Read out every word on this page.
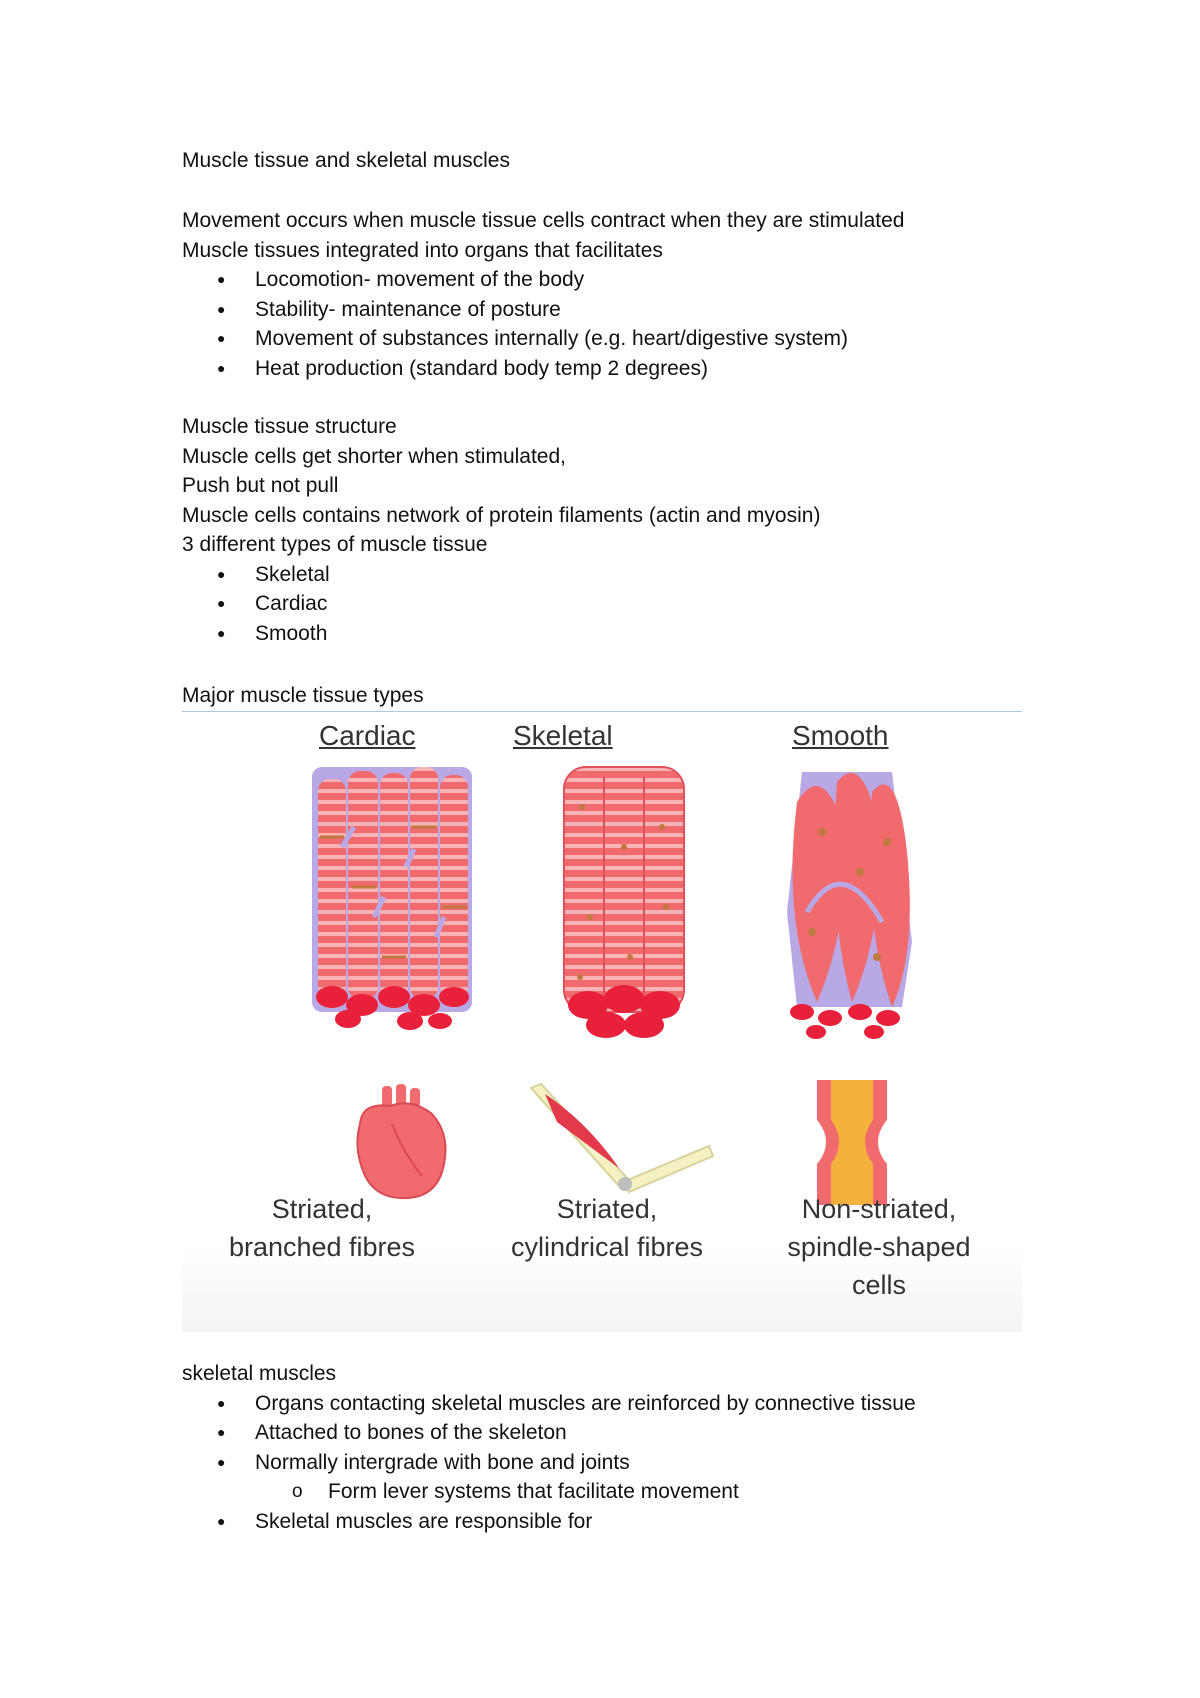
Muscle tissue and skeletal muscles
Movement occurs when muscle tissue cells contract when they are stimulated
Muscle tissues integrated into organs that facilitates
● Locomotion- movement of the body
● Stability- maintenance of posture
● Movement of substances internally (e.g. heart/digestive system)
● Heat production (standard body temp 2 degrees)
Muscle tissue structure
Muscle cells get shorter when stimulated,
Push but not pull
Muscle cells contains network of protein filaments (actin and myosin)
3 different types of muscle tissue
● Skeletal
● Cardiac
● Smooth
Major muscle tissue types
Cardiac	Skeletal	Smooth
Striated,
branched fibres
Striated,
cylindrical fibres
Non-striated,
spindle-shaped
cells
skeletal muscles
● Organs contacting skeletal muscles are reinforced by connective tissue
● Attached to bones of the skeleton
● Normally intergrade with bone and joints
o Form lever systems that facilitate movement
● Skeletal muscles are responsible for
